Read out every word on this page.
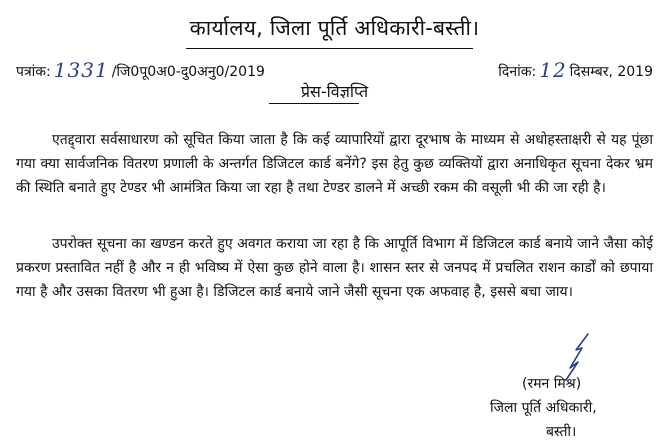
कार्यालय, जिला पूर्ति अधिकारी-बस्ती।
पत्रांक: 1331 /जि0पू0अ0-दु0अनु0/2019	दिनांक: 12 दिसम्बर, 2019
प्रेस-विज्ञप्ति

एतद्द्वारा सर्वसाधारण को सूचित किया जाता है कि कई व्यापारियों द्वारा दूरभाष के माध्यम से अधोहस्ताक्षरी से यह पूंछा गया क्या सार्वजनिक वितरण प्रणाली के अन्तर्गत डिजिटल कार्ड बनेंगे? इस हेतु कुछ व्यक्तियों द्वारा अनाधिकृत सूचना देकर भ्रम की स्थिति बनाते हुए टेण्डर भी आमंत्रित किया जा रहा है तथा टेण्डर डालने में अच्छी रकम की वसूली भी की जा रही है।

उपरोक्त सूचना का खण्डन करते हुए अवगत कराया जा रहा है कि आपूर्ति विभाग में डिजिटल कार्ड बनाये जाने जैसा कोई प्रकरण प्रस्तावित नहीं है और न ही भविष्य में ऐसा कुछ होने वाला है। शासन स्तर से जनपद में प्रचलित राशन कार्डों को छपाया गया है और उसका वितरण भी हुआ है। डिजिटल कार्ड बनाये जाने जैसी सूचना एक अफवाह है, इससे बचा जाय।

(रमन मिश्र)
जिला पूर्ति अधिकारी,
बस्ती।
